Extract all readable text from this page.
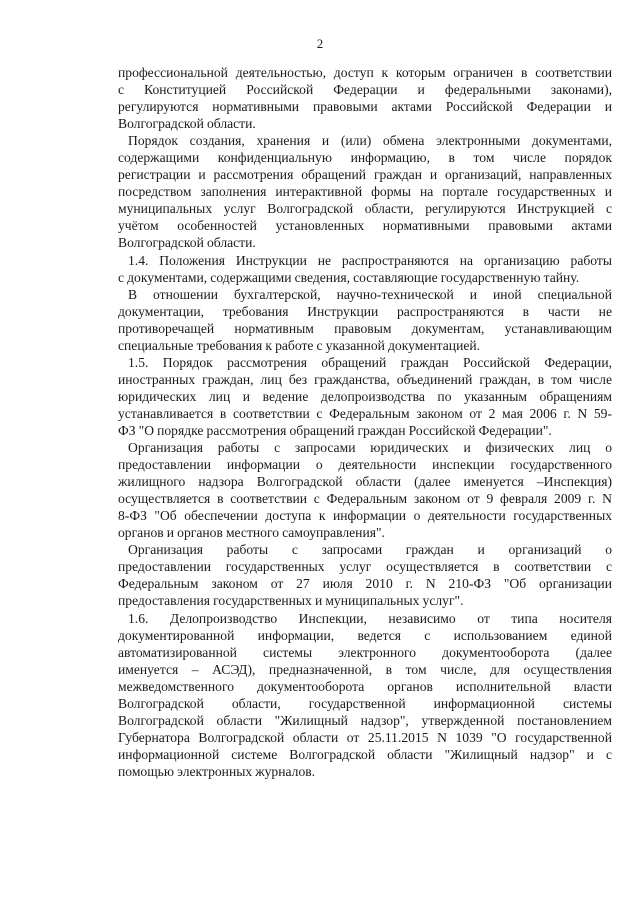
2
профессиональной деятельностью, доступ к которым ограничен в соответствии
с Конституцией Российской Федерации и федеральными законами),
регулируются нормативными правовыми актами Российской Федерации и
Волгоградской области.
Порядок создания, хранения и (или) обмена электронными документами,
содержащими конфиденциальную информацию, в том числе порядок
регистрации и рассмотрения обращений граждан и организаций, направленных
посредством заполнения интерактивной формы на портале государственных и
муниципальных услуг Волгоградской области, регулируются Инструкцией с
учётом особенностей установленных нормативными правовыми актами
Волгоградской области.
1.4. Положения Инструкции не распространяются на организацию работы
с документами, содержащими сведения, составляющие государственную тайну.
В отношении бухгалтерской, научно-технической и иной специальной
документации, требования Инструкции распространяются в части не
противоречащей нормативным правовым документам, устанавливающим
специальные требования к работе с указанной документацией.
1.5. Порядок рассмотрения обращений граждан Российской Федерации,
иностранных граждан, лиц без гражданства, объединений граждан, в том числе
юридических лиц и ведение делопроизводства по указанным обращениям
устанавливается в соответствии с Федеральным законом от 2 мая 2006 г. N 59-
ФЗ "О порядке рассмотрения обращений граждан Российской Федерации".
Организация работы с запросами юридических и физических лиц о
предоставлении информации о деятельности инспекции государственного
жилищного надзора Волгоградской области (далее именуется –Инспекция)
осуществляется в соответствии с Федеральным законом от 9 февраля 2009 г. N
8-ФЗ "Об обеспечении доступа к информации о деятельности государственных
органов и органов местного самоуправления".
Организация работы с запросами граждан и организаций о
предоставлении государственных услуг осуществляется в соответствии с
Федеральным законом от 27 июля 2010 г. N 210-ФЗ "Об организации
предоставления государственных и муниципальных услуг".
1.6. Делопроизводство Инспекции, независимо от типа носителя
документированной информации, ведется с использованием единой
автоматизированной системы электронного документооборота (далее
именуется – АСЭД), предназначенной, в том числе, для осуществления
межведомственного документооборота органов исполнительной власти
Волгоградской области, государственной информационной системы
Волгоградской области "Жилищный надзор", утвержденной постановлением
Губернатора Волгоградской области от 25.11.2015 N 1039 "О государственной
информационной системе Волгоградской области "Жилищный надзор" и с
помощью электронных журналов.
